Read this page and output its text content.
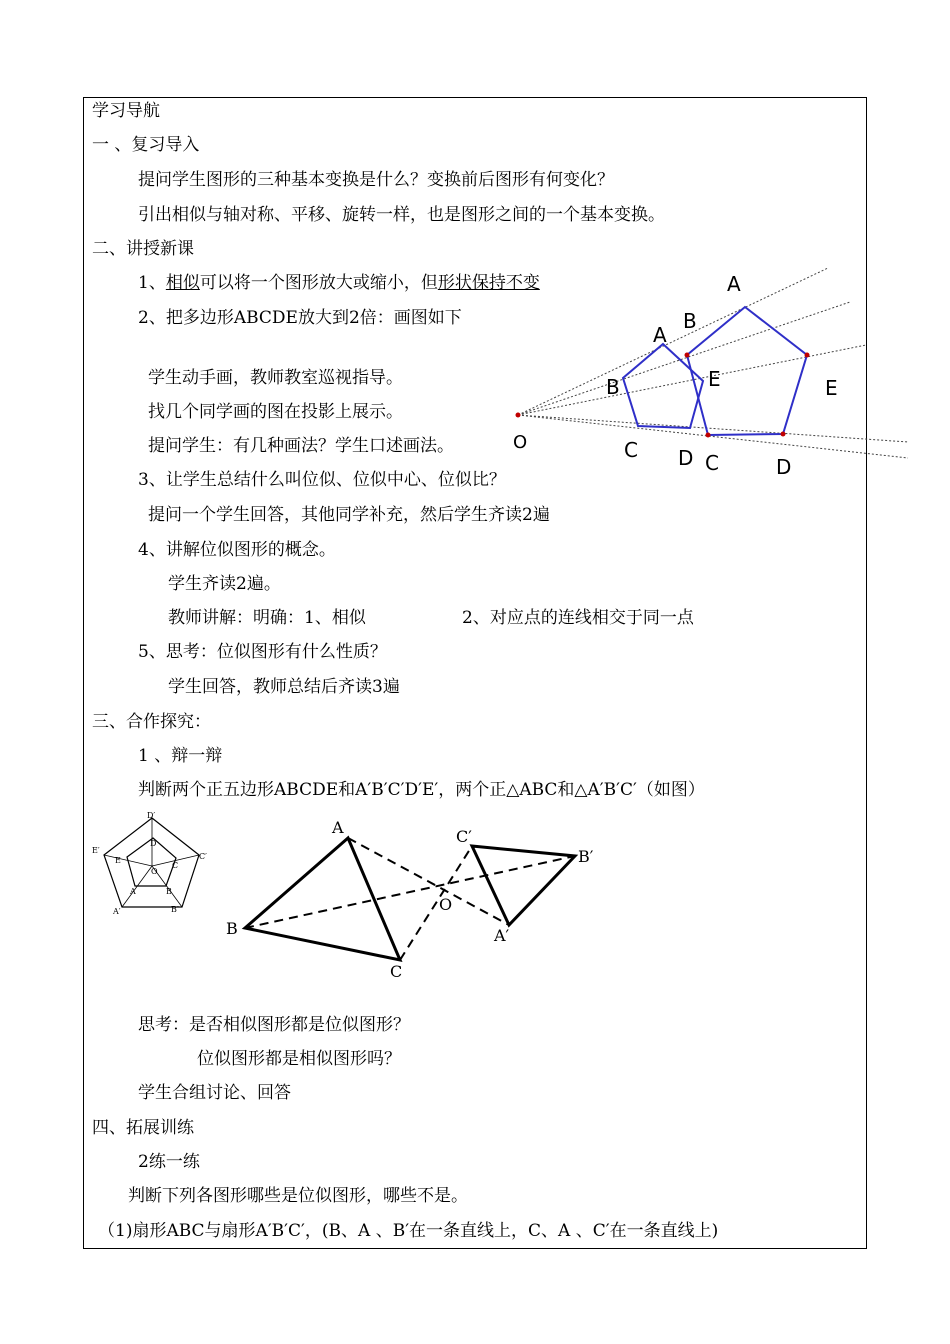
学习导航
一 、复习导入
提问学生图形的三种基本变换是什么？变换前后图形有何变化？
引出相似与轴对称、平移、旋转一样，也是图形之间的一个基本变换。
二、讲授新课
1、相似可以将一个图形放大或缩小，但形状保持不变
2、把多边形ABCDE放大到2倍：画图如下
学生动手画，教师教室巡视指导。
找几个同学画的图在投影上展示。
提问学生：有几种画法？学生口述画法。
3、让学生总结什么叫位似、位似中心、位似比？
提问一个学生回答，其他同学补充，然后学生齐读2遍
4、讲解位似图形的概念。
学生齐读2遍。
教师讲解：明确：1、相似	2、对应点的连线相交于同一点
5、思考：位似图形有什么性质？
学生回答，教师总结后齐读3遍
三、合作探究：
1 、辩一辩
判断两个正五边形ABCDE和A′B′C′D′E′，两个正△ABC和△A′B′C′（如图）
思考：是否相似图形都是位似图形？
位似图形都是相似图形吗？
学生合组讨论、回答
四、拓展训练
2练一练
判断下列各图形哪些是位似图形，哪些不是。
（1)扇形ABC与扇形A′B′C′，(B、A 、B′在一条直线上，C、A 、C′在一条直线上)
A
B
E
C	D
A
B	E
C D
O
D′
D
E′
E
C
C′
O
A	B
A′	B′
A
B
C
O
C′
B′
A′
